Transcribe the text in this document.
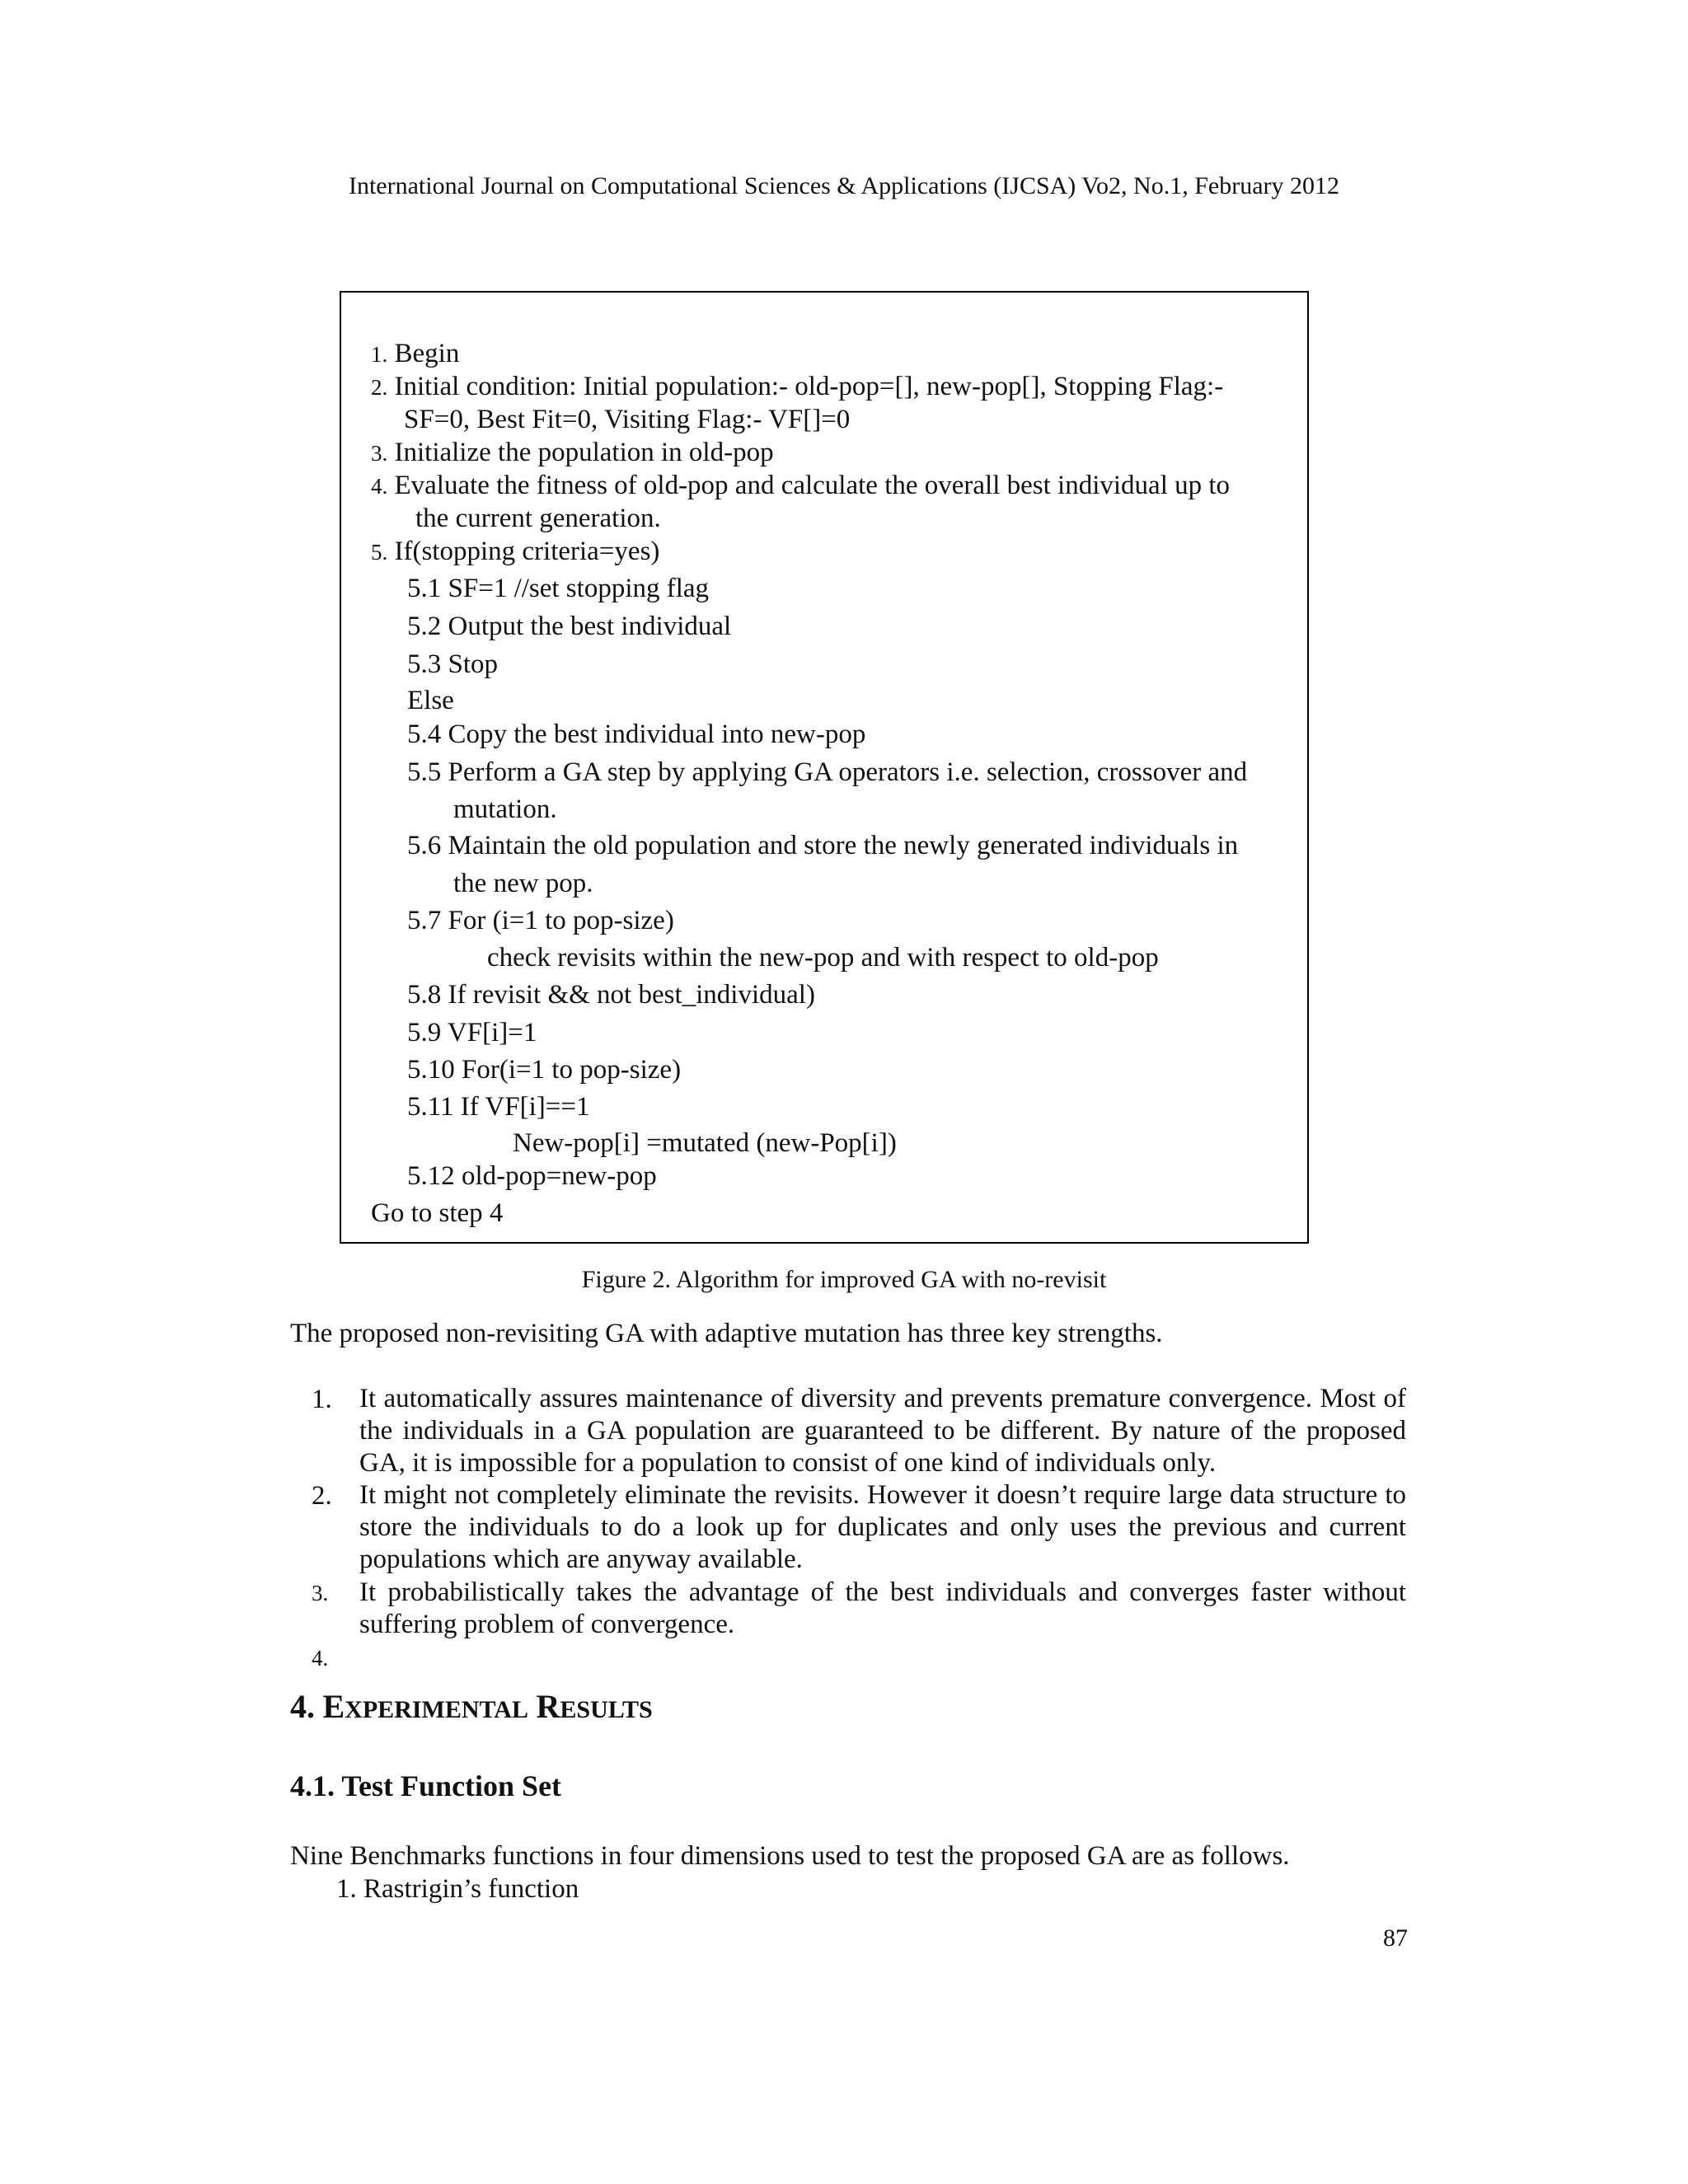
International Journal on Computational Sciences & Applications (IJCSA) Vo2, No.1, February 2012
1. Begin
2. Initial condition: Initial population:- old-pop=[], new-pop[], Stopping Flag:-
SF=0, Best Fit=0, Visiting Flag:- VF[]=0
3. Initialize the population in old-pop
4. Evaluate the fitness of old-pop and calculate the overall best individual up to
the current generation.
5. If(stopping criteria=yes)
5.1 SF=1 //set stopping flag
5.2 Output the best individual
5.3 Stop
Else
5.4 Copy the best individual into new-pop
5.5 Perform a GA step by applying GA operators i.e. selection, crossover and
mutation.
5.6 Maintain the old population and store the newly generated individuals in
the new pop.
5.7 For (i=1 to pop-size)
check revisits within the new-pop and with respect to old-pop
5.8 If revisit && not best_individual)
5.9 VF[i]=1
5.10 For(i=1 to pop-size)
5.11 If VF[i]==1
New-pop[i] =mutated (new-Pop[i])
5.12 old-pop=new-pop
Go to step 4
Figure 2. Algorithm for improved GA with no-revisit
The proposed non-revisiting GA with adaptive mutation has three key strengths.
1. It automatically assures maintenance of diversity and prevents premature convergence. Most of the individuals in a GA population are guaranteed to be different. By nature of the proposed GA, it is impossible for a population to consist of one kind of individuals only.
2. It might not completely eliminate the revisits. However it doesn’t require large data structure to store the individuals to do a look up for duplicates and only uses the previous and current populations which are anyway available.
3. It probabilistically takes the advantage of the best individuals and converges faster without suffering problem of convergence.
4.
4. EXPERIMENTAL RESULTS
4.1. Test Function Set
Nine Benchmarks functions in four dimensions used to test the proposed GA are as follows.
1. Rastrigin’s function
87
